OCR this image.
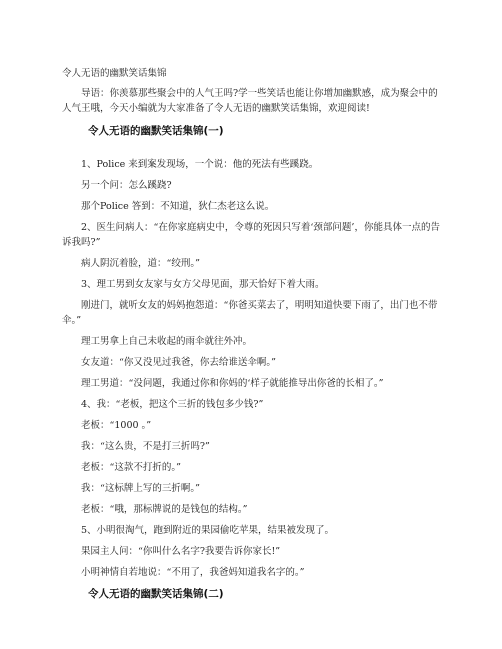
令人无语的幽默笑话集锦
导语：你羡慕那些聚会中的人气王吗?学一些笑话也能让你增加幽默感，成为聚会中的人气王哦，今天小编就为大家准备了令人无语的幽默笑话集锦，欢迎阅读!
令人无语的幽默笑话集锦(一)
1、Police 来到案发现场，一个说：他的死法有些蹊跷。
另一个问：怎么蹊跷?
那个Police 答到：不知道，狄仁杰老这么说。
2、医生问病人：“在你家庭病史中，令尊的死因只写着‘颈部问题’，你能具体一点的告诉我吗?”
病人阴沉着脸，道：“绞刑。”
3、理工男到女友家与女方父母见面，那天恰好下着大雨。
刚进门，就听女友的妈妈抱怨道：“你爸买菜去了，明明知道快要下雨了，出门也不带伞。”
理工男拿上自己未收起的雨伞就往外冲。
女友道：“你又没见过我爸，你去给谁送伞啊。”
理工男道：“没问题，我通过你和你妈的‘样子就能推导出你爸的长相了。”
4、我：“老板，把这个三折的钱包多少钱?”
老板：“1000 。”
我：“这么贵，不是打三折吗?”
老板：“这款不打折的。”
我：“这标牌上写的三折啊。”
老板：“哦，那标牌说的是钱包的结构。”
5、小明很淘气，跑到附近的果园偷吃苹果，结果被发现了。
果园主人问：“你叫什么名字?我要告诉你家长!”
小明神情自若地说：“不用了，我爸妈知道我名字的。”
令人无语的幽默笑话集锦(二)
